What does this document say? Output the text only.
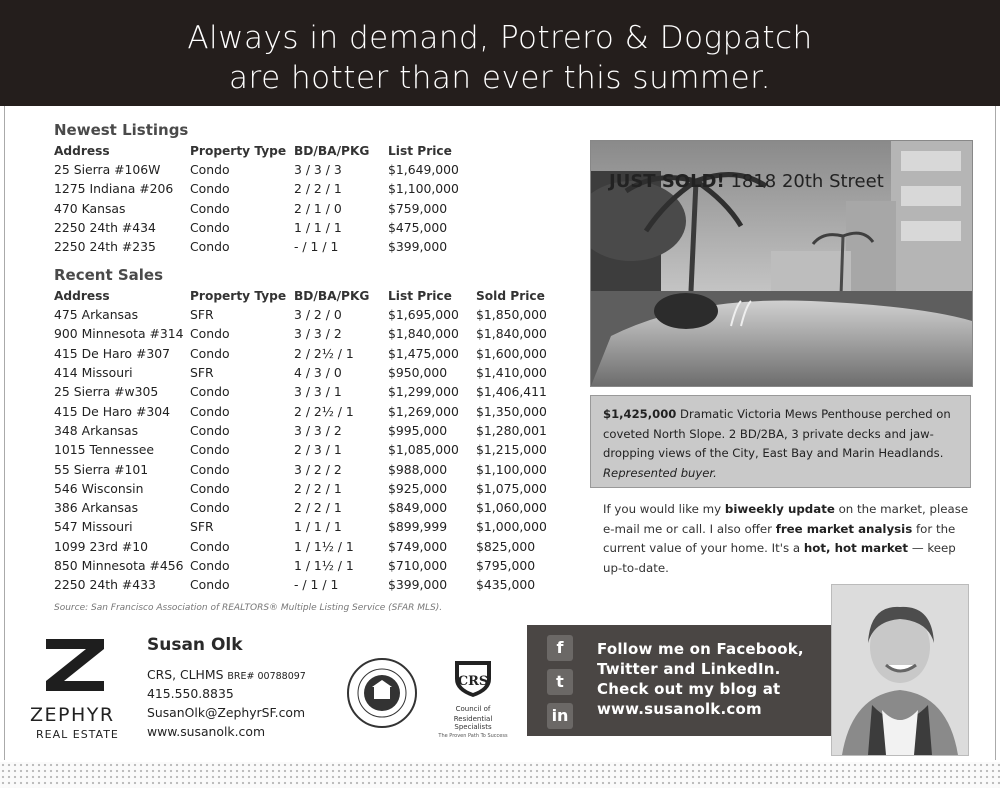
Always in demand, Potrero & Dogpatch
are hotter than ever this summer.
Newest Listings
Address	Property Type	BD/BA/PKG	List Price
25 Sierra #106W	Condo	3 / 3 / 3	$1,649,000
1275 Indiana #206	Condo	2 / 2 / 1	$1,100,000
470 Kansas	Condo	2 / 1 / 0	$759,000
2250 24th #434	Condo	1 / 1 / 1	$475,000
2250 24th #235	Condo	- / 1 / 1	$399,000
Recent Sales
Address	Property Type	BD/BA/PKG	List Price	Sold Price
475 Arkansas	SFR	3 / 2 / 0	$1,695,000	$1,850,000
900 Minnesota #314	Condo	3 / 3 / 2	$1,840,000	$1,840,000
415 De Haro #307	Condo	2 / 2½ / 1	$1,475,000	$1,600,000
414 Missouri	SFR	4 / 3 / 0	$950,000	$1,410,000
25 Sierra #w305	Condo	3 / 3 / 1	$1,299,000	$1,406,411
415 De Haro #304	Condo	2 / 2½ / 1	$1,269,000	$1,350,000
348 Arkansas	Condo	3 / 3 / 2	$995,000	$1,280,001
1015 Tennessee	Condo	2 / 3 / 1	$1,085,000	$1,215,000
55 Sierra #101	Condo	3 / 2 / 2	$988,000	$1,100,000
546 Wisconsin	Condo	2 / 2 / 1	$925,000	$1,075,000
386 Arkansas	Condo	2 / 2 / 1	$849,000	$1,060,000
547 Missouri	SFR	1 / 1 / 1	$899,999	$1,000,000
1099 23rd #10	Condo	1 / 1½ / 1	$749,000	$825,000
850 Minnesota #456	Condo	1 / 1½ / 1	$710,000	$795,000
2250 24th #433	Condo	- / 1 / 1	$399,000	$435,000
Source: San Francisco Association of REALTORS® Multiple Listing Service (SFAR MLS).
JUST SOLD! 1818 20th Street
$1,425,000 Dramatic Victoria Mews Penthouse perched on coveted North Slope. 2 BD/2BA, 3 private decks and jaw-dropping views of the City, East Bay and Marin Headlands. Represented buyer.
If you would like my biweekly update on the market, please e-mail me or call. I also offer free market analysis for the current value of your home. It's a hot, hot market — keep up-to-date.
ZEPHYR
REAL ESTATE
Susan Olk
CRS, CLHMS BRE# 00788097
415.550.8835
SusanOlk@ZephyrSF.com
www.susanolk.com
CRS
Council of
Residential Specialists
The Proven Path To Success
f
t
in
Follow me on Facebook,
Twitter and LinkedIn.
Check out my blog at
www.susanolk.com
